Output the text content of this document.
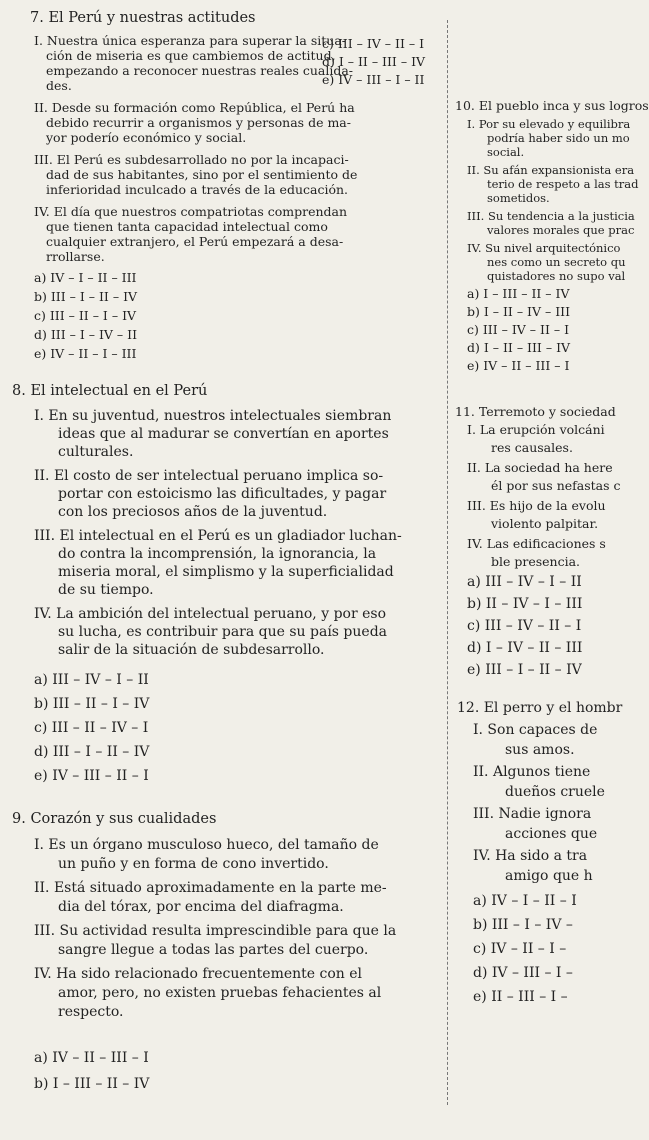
7. El Perú y nuestras actitudes
I. Nuestra única esperanza para superar la situa-
ción de miseria es que cambiemos de actitud,
empezando a reconocer nuestras reales cualida-
des.
II. Desde su formación como República, el Perú ha
debido recurrir a organismos y personas de ma-
yor poderío económico y social.
III. El Perú es subdesarrollado no por la incapaci-
dad de sus habitantes, sino por el sentimiento de
inferioridad inculcado a través de la educación.
IV. El día que nuestros compatriotas comprendan
que tienen tanta capacidad intelectual como
cualquier extranjero, el Perú empezará a desa-
rrollarse.
a) IV – I – II – III
b) III – I – II – IV
c) III – II – I – IV
d) III – I – IV – II
e) IV – II – I – III
c) III – IV – II – I
d) I – II – III – IV
e) IV – III – I – II
8. El intelectual en el Perú
I. En su juventud, nuestros intelectuales siembran
ideas que al madurar se convertían en aportes
culturales.
II. El costo de ser intelectual peruano implica so-
portar con estoicismo las dificultades, y pagar
con los preciosos años de la juventud.
III. El intelectual en el Perú es un gladiador luchan-
do contra la incomprensión, la ignorancia, la
miseria moral, el simplismo y la superficialidad
de su tiempo.
IV. La ambición del intelectual peruano, y por eso
su lucha, es contribuir para que su país pueda
salir de la situación de subdesarrollo.
a) III – IV – I – II
b) III – II – I – IV
c) III – II – IV – I
d) III – I – II – IV
e) IV – III – II – I
9. Corazón y sus cualidades
I. Es un órgano musculoso hueco, del tamaño de
un puño y en forma de cono invertido.
II. Está situado aproximadamente en la parte me-
dia del tórax, por encima del diafragma.
III. Su actividad resulta imprescindible para que la
sangre llegue a todas las partes del cuerpo.
IV. Ha sido relacionado frecuentemente con el
amor, pero, no existen pruebas fehacientes al
respecto.
a) IV – II – III – I
b) I – III – II – IV
10. El pueblo inca y sus logros
I. Por su elevado y equilibra
podría haber sido un mo
social.
II. Su afán expansionista era
terio de respeto a las trad
sometidos.
III. Su tendencia a la justicia
valores morales que prac
IV. Su nivel arquitectónico
nes como un secreto qu
quistadores no supo val
a) I – III – II – IV
b) I – II – IV – III
c) III – IV – II – I
d) I – II – III – IV
e) IV – II – III – I
11. Terremoto y sociedad
I. La erupción volcáni
res causales.
II. La sociedad ha here
él por sus nefastas c
III. Es hijo de la evolu
violento palpitar.
IV. Las edificaciones s
ble presencia.
a) III – IV – I – II
b) II – IV – I – III
c) III – IV – II – I
d) I – IV – II – III
e) III – I – II – IV
12. El perro y el hombr
I. Son capaces de
sus amos.
II. Algunos tiene
dueños cruele
III. Nadie ignora
acciones que
IV. Ha sido a tra
amigo que h
a) IV – I – II – I
b) III – I – IV –
c) IV – II – I –
d) IV – III – I –
e) II – III – I –
